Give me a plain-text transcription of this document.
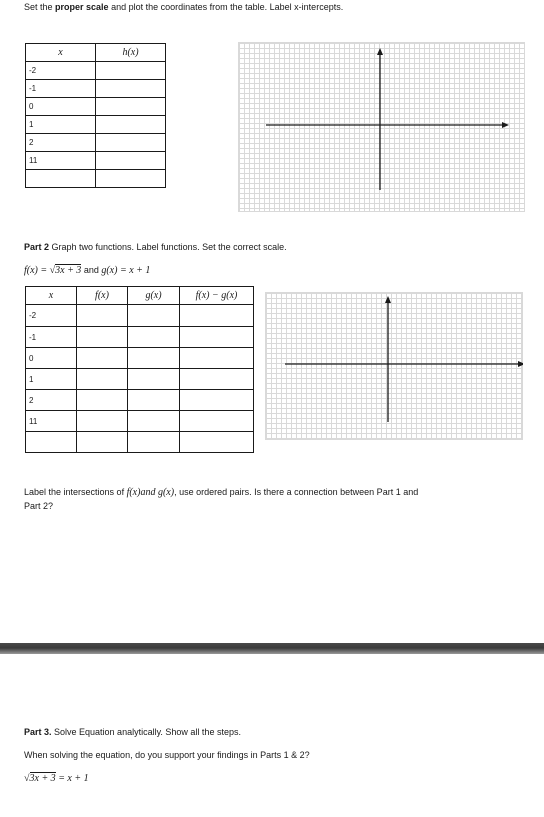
Set the proper scale and plot the coordinates from the table. Label x-intercepts.
x	h(x)
-2	
-1	
0	
1	
2	
11	

Part 2 Graph two functions. Label functions. Set the correct scale.
f(x) = √3x + 3 and g(x) = x + 1
x	f(x)	g(x)	f(x) − g(x)
-2			
-1			
0			
1			
2			
11			

Label the intersections of f(x)and g(x), use ordered pairs. Is there a connection between Part 1 and
Part 2?
Part 3. Solve Equation analytically. Show all the steps.
When solving the equation, do you support your findings in Parts 1 & 2?
√3x + 3 = x + 1
